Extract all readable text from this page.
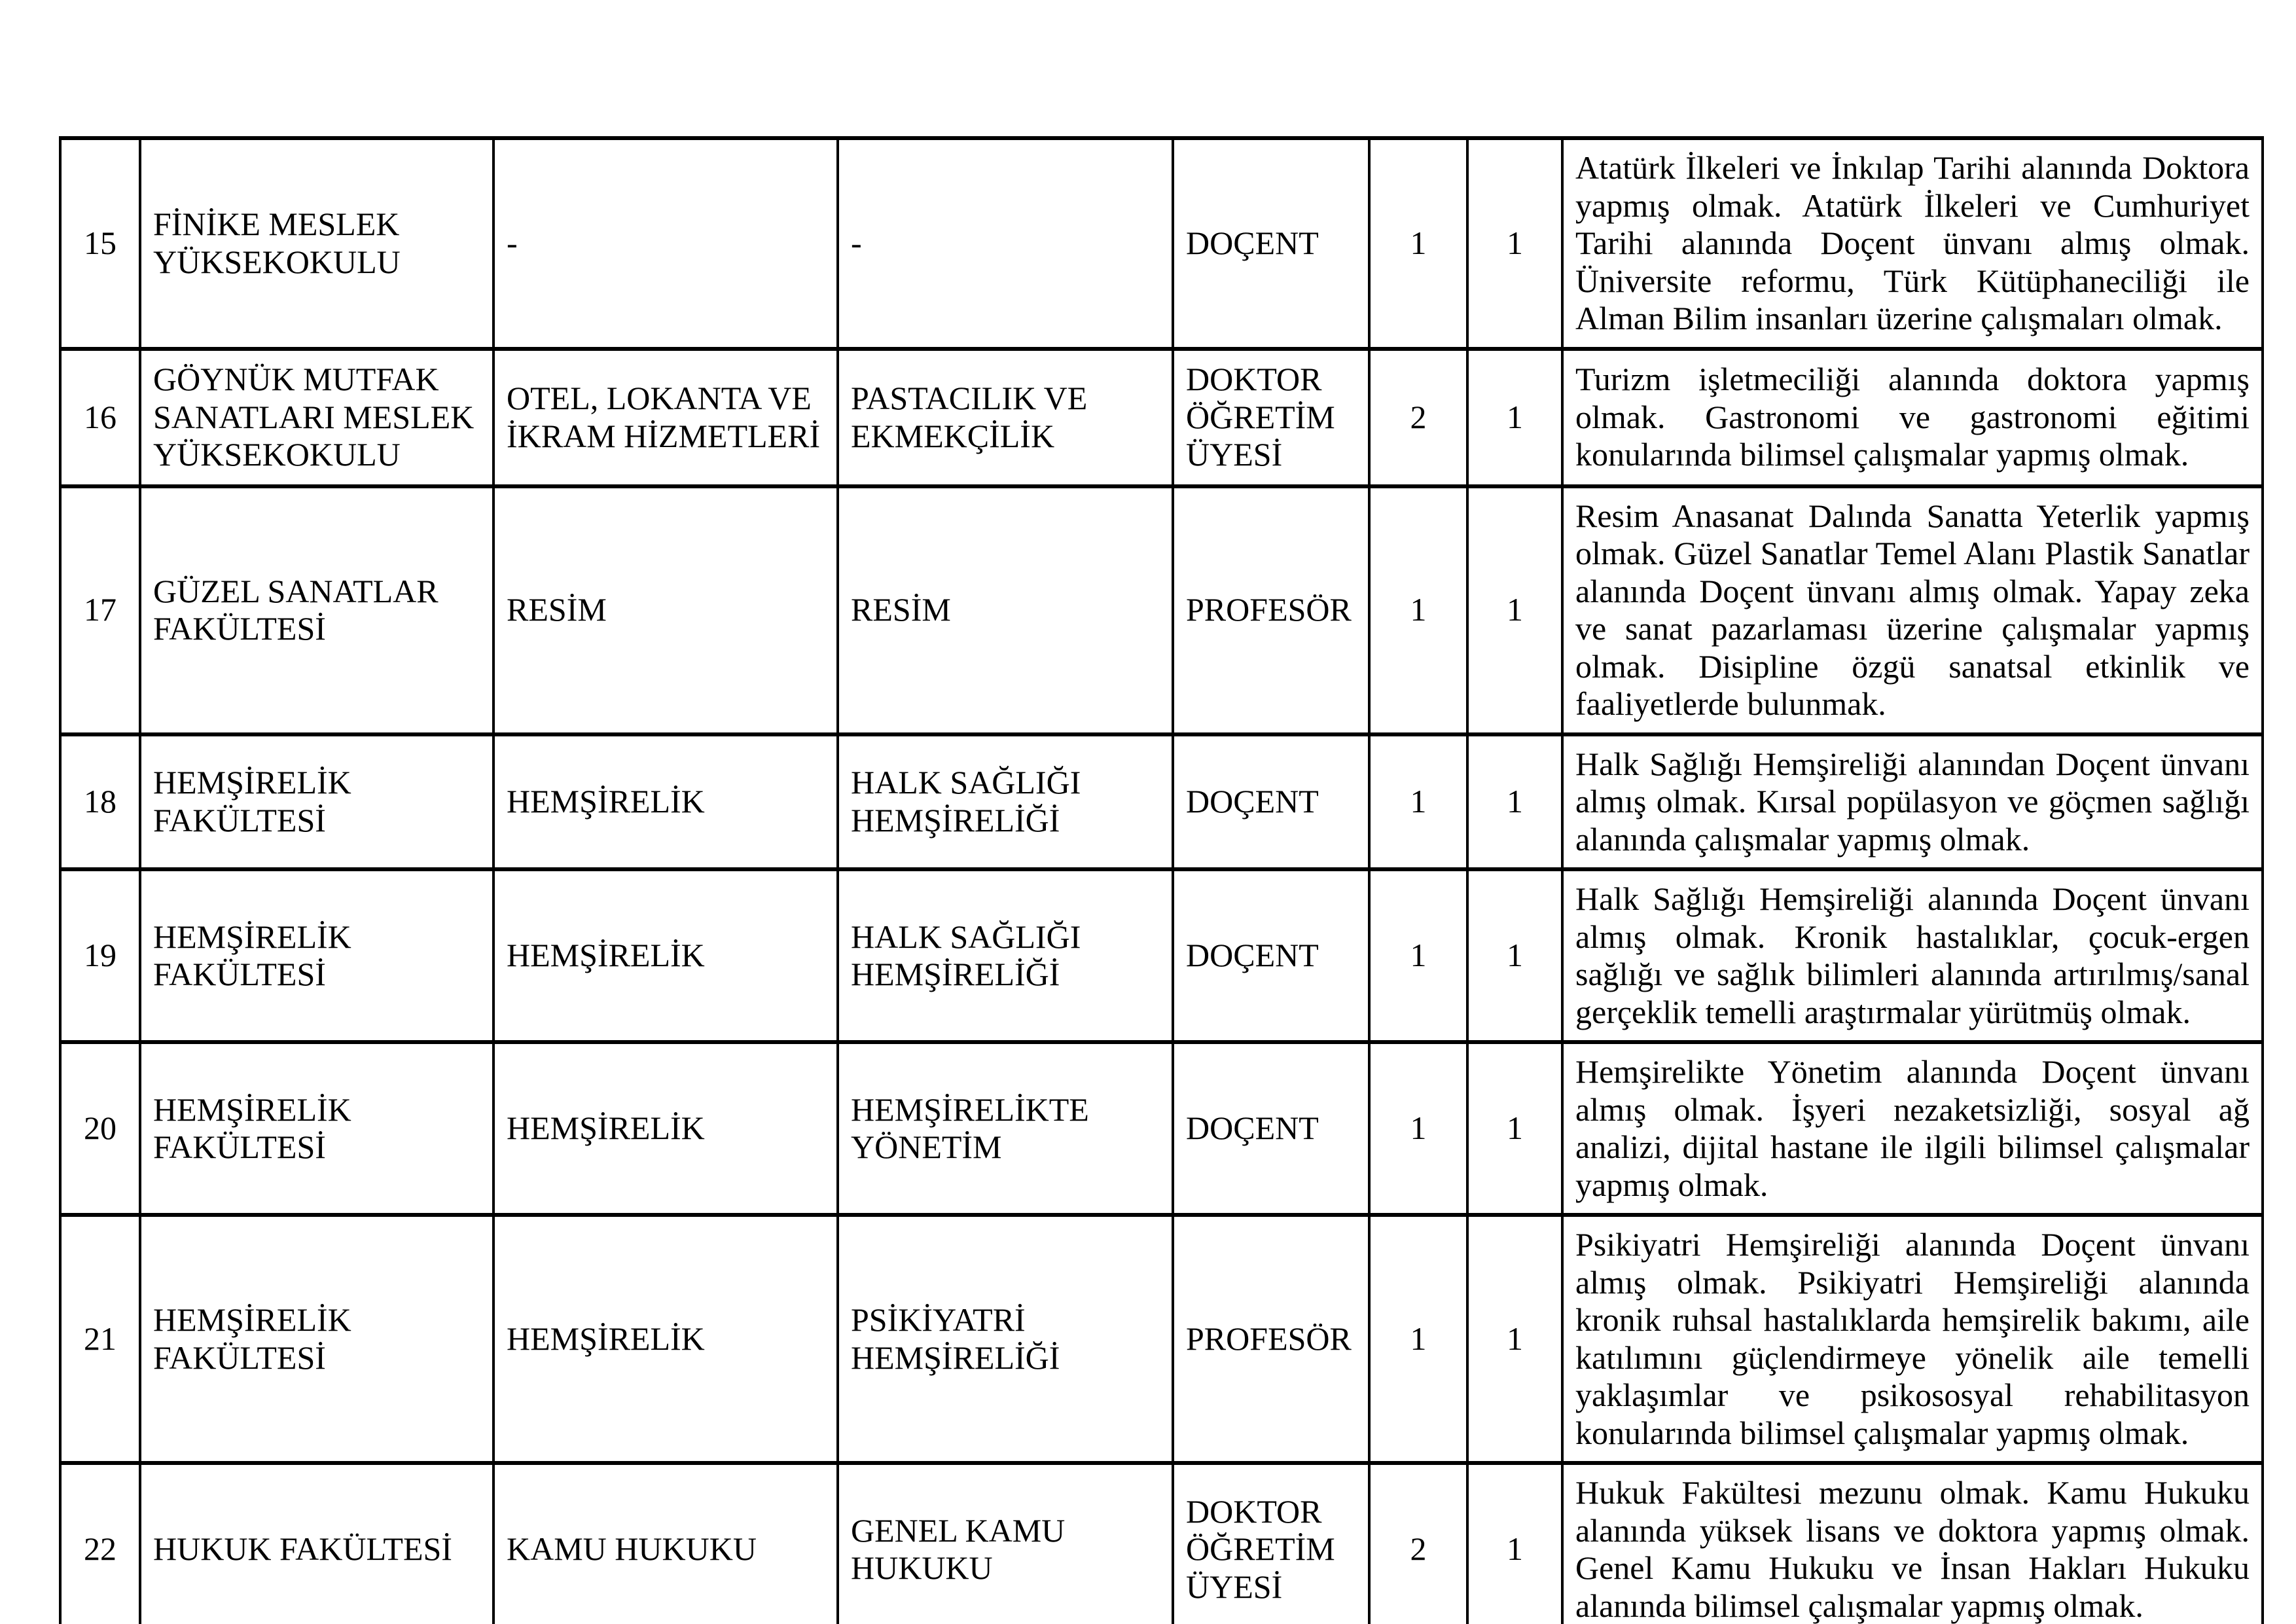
15	FİNİKE MESLEK YÜKSEKOKULU	-	-	DOÇENT	1	1	Atatürk İlkeleri ve İnkılap Tarihi alanında Doktora yapmış olmak. Atatürk İlkeleri ve Cumhuriyet Tarihi alanında Doçent ünvanı almış olmak. Üniversite reformu, Türk Kütüphaneciliği ile Alman Bilim insanları üzerine çalışmaları olmak.
16	GÖYNÜK MUTFAK SANATLARI MESLEK YÜKSEKOKULU	OTEL, LOKANTA VE İKRAM HİZMETLERİ	PASTACILIK VE EKMEKÇİLİK	DOKTOR ÖĞRETİM ÜYESİ	2	1	Turizm işletmeciliği alanında doktora yapmış olmak. Gastronomi ve gastronomi eğitimi konularında bilimsel çalışmalar yapmış olmak.
17	GÜZEL SANATLAR FAKÜLTESİ	RESİM	RESİM	PROFESÖR	1	1	Resim Anasanat Dalında Sanatta Yeterlik yapmış olmak. Güzel Sanatlar Temel Alanı Plastik Sanatlar alanında Doçent ünvanı almış olmak. Yapay zeka ve sanat pazarlaması üzerine çalışmalar yapmış olmak. Disipline özgü sanatsal etkinlik ve faaliyetlerde bulunmak.
18	HEMŞİRELİK FAKÜLTESİ	HEMŞİRELİK	HALK SAĞLIĞI HEMŞİRELİĞİ	DOÇENT	1	1	Halk Sağlığı Hemşireliği alanından Doçent ünvanı almış olmak. Kırsal popülasyon ve göçmen sağlığı alanında çalışmalar yapmış olmak.
19	HEMŞİRELİK FAKÜLTESİ	HEMŞİRELİK	HALK SAĞLIĞI HEMŞİRELİĞİ	DOÇENT	1	1	Halk Sağlığı Hemşireliği alanında Doçent ünvanı almış olmak. Kronik hastalıklar, çocuk-ergen sağlığı ve sağlık bilimleri alanında artırılmış/sanal gerçeklik temelli araştırmalar yürütmüş olmak.
20	HEMŞİRELİK FAKÜLTESİ	HEMŞİRELİK	HEMŞİRELİKTE YÖNETİM	DOÇENT	1	1	Hemşirelikte Yönetim alanında Doçent ünvanı almış olmak. İşyeri nezaketsizliği, sosyal ağ analizi, dijital hastane ile ilgili bilimsel çalışmalar yapmış olmak.
21	HEMŞİRELİK FAKÜLTESİ	HEMŞİRELİK	PSİKİYATRİ HEMŞİRELİĞİ	PROFESÖR	1	1	Psikiyatri Hemşireliği alanında Doçent ünvanı almış olmak. Psikiyatri Hemşireliği alanında kronik ruhsal hastalıklarda hemşirelik bakımı, aile katılımını güçlendirmeye yönelik aile temelli yaklaşımlar ve psikososyal rehabilitasyon konularında bilimsel çalışmalar yapmış olmak.
22	HUKUK FAKÜLTESİ	KAMU HUKUKU	GENEL KAMU HUKUKU	DOKTOR ÖĞRETİM ÜYESİ	2	1	Hukuk Fakültesi mezunu olmak. Kamu Hukuku alanında yüksek lisans ve doktora yapmış olmak. Genel Kamu Hukuku ve İnsan Hakları Hukuku alanında bilimsel çalışmalar yapmış olmak.
